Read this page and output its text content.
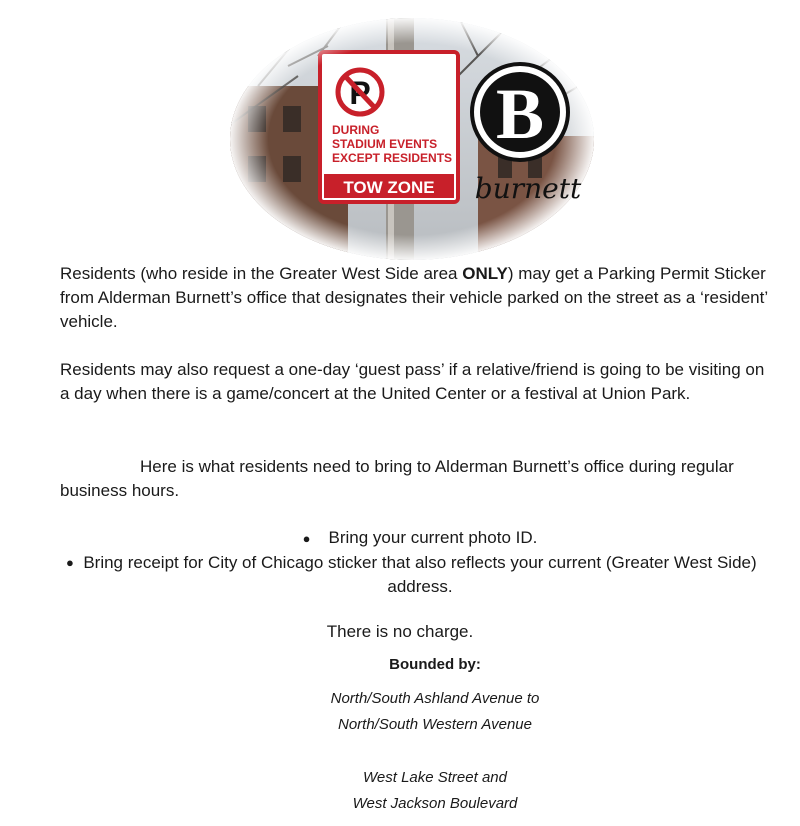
B
burnett

Residents (who reside in the Greater West Side area ONLY) may get a Parking Permit Sticker from Alderman Burnett’s office that designates their vehicle parked on the street as a ‘resident’ vehicle.

Residents may also request a one-day ‘guest pass’ if a relative/friend is going to be visiting on a day when there is a game/concert at the United Center or a festival at Union Park.

Here is what residents need to bring to Alderman Burnett’s office during regular business hours.

● Bring your current photo ID.
● Bring receipt for City of Chicago sticker that also reflects your current (Greater West Side) address.

There is no charge.

Bounded by:

North/South Ashland Avenue to

North/South Western Avenue

West Lake Street and

West Jackson Boulevard
